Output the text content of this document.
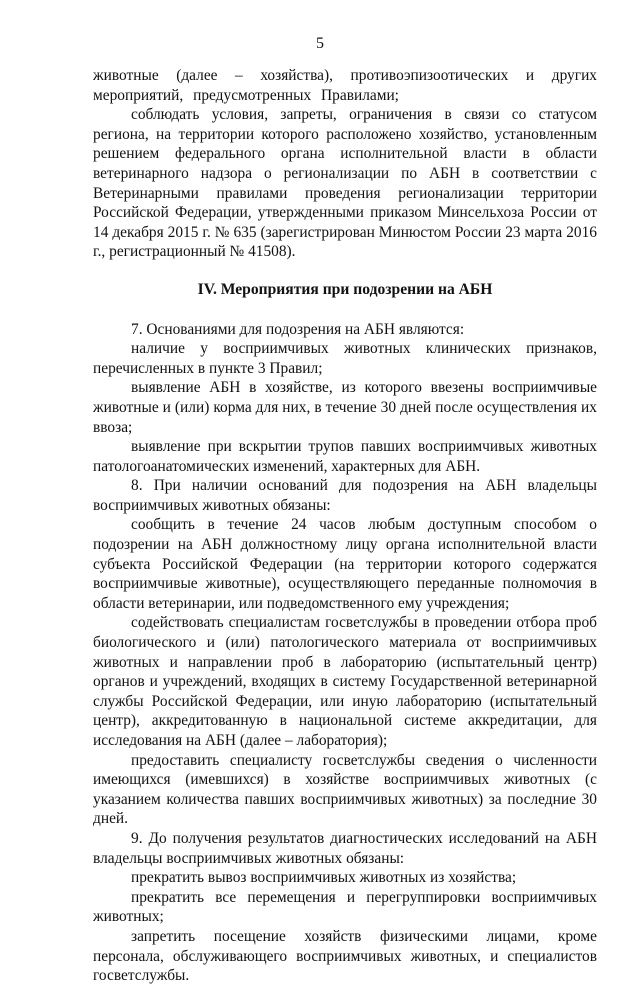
5

животные (далее – хозяйства), противоэпизоотических и других мероприятий, предусмотренных Правилами;

соблюдать условия, запреты, ограничения в связи со статусом региона, на территории которого расположено хозяйство, установленным решением федерального органа исполнительной власти в области ветеринарного надзора о регионализации по АБН в соответствии с Ветеринарными правилами проведения регионализации территории Российской Федерации, утвержденными приказом Минсельхоза России от 14 декабря 2015 г. № 635 (зарегистрирован Минюстом России 23 марта 2016 г., регистрационный № 41508).

IV. Мероприятия при подозрении на АБН

7. Основаниями для подозрения на АБН являются:

наличие у восприимчивых животных клинических признаков, перечисленных в пункте 3 Правил;

выявление АБН в хозяйстве, из которого ввезены восприимчивые животные и (или) корма для них, в течение 30 дней после осуществления их ввоза;

выявление при вскрытии трупов павших восприимчивых животных патологоанатомических изменений, характерных для АБН.

8. При наличии оснований для подозрения на АБН владельцы восприимчивых животных обязаны:

сообщить в течение 24 часов любым доступным способом о подозрении на АБН должностному лицу органа исполнительной власти субъекта Российской Федерации (на территории которого содержатся восприимчивые животные), осуществляющего переданные полномочия в области ветеринарии, или подведомственного ему учреждения;

содействовать специалистам госветслужбы в проведении отбора проб биологического и (или) патологического материала от восприимчивых животных и направлении проб в лабораторию (испытательный центр) органов и учреждений, входящих в систему Государственной ветеринарной службы Российской Федерации, или иную лабораторию (испытательный центр), аккредитованную в национальной системе аккредитации, для исследования на АБН (далее – лаборатория);

предоставить специалисту госветслужбы сведения о численности имеющихся (имевшихся) в хозяйстве восприимчивых животных (с указанием количества павших восприимчивых животных) за последние 30 дней.

9. До получения результатов диагностических исследований на АБН владельцы восприимчивых животных обязаны:

прекратить вывоз восприимчивых животных из хозяйства;

прекратить все перемещения и перегруппировки восприимчивых животных;

запретить посещение хозяйств физическими лицами, кроме персонала, обслуживающего восприимчивых животных, и специалистов госветслужбы.
